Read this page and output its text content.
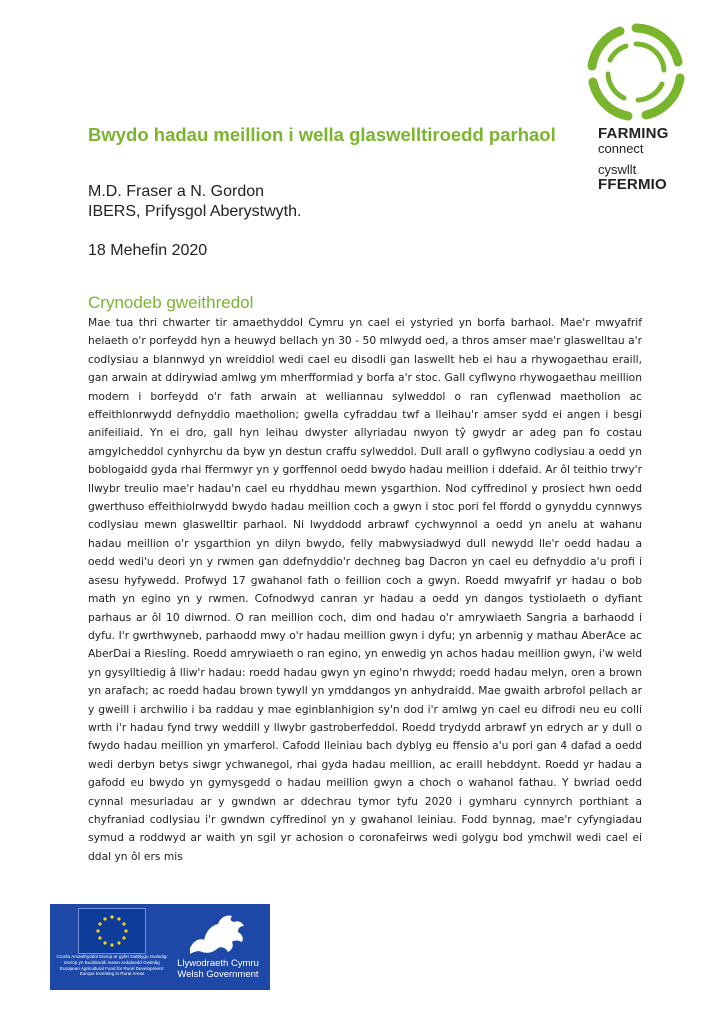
FARMING
connect
cyswllt
FFERMIO
Bwydo hadau meillion i wella glaswelltiroedd parhaol
M.D. Fraser a N. Gordon
IBERS, Prifysgol Aberystwyth.
18 Mehefin 2020
Crynodeb gweithredol

Mae tua thri chwarter tir amaethyddol Cymru yn cael ei ystyried yn borfa barhaol. Mae'r mwyafrif helaeth o'r porfeydd hyn a heuwyd bellach yn 30 - 50 mlwydd oed, a thros amser mae'r glaswelltau a'r codlysiau a blannwyd yn wreiddiol wedi cael eu disodli gan laswellt heb ei hau a rhywogaethau eraill, gan arwain at ddirywiad amlwg ym mherfformiad y borfa a'r stoc. Gall cyflwyno rhywogaethau meillion modern i borfeydd o'r fath arwain at welliannau sylweddol o ran cyflenwad maetholion ac effeithlonrwydd defnyddio maetholion; gwella cyfraddau twf a lleihau'r amser sydd ei angen i besgi anifeiliaid. Yn ei dro, gall hyn leihau dwyster allyriadau nwyon tŷ gwydr ar adeg pan fo costau amgylcheddol cynhyrchu da byw yn destun craffu sylweddol. Dull arall o gyflwyno codlysiau a oedd yn boblogaidd gyda rhai ffermwyr yn y gorffennol oedd bwydo hadau meillion i ddefaid. Ar ôl teithio trwy'r llwybr treulio mae'r hadau'n cael eu rhyddhau mewn ysgarthion. Nod cyffredinol y prosiect hwn oedd gwerthuso effeithiolrwydd bwydo hadau meillion coch a gwyn i stoc pori fel ffordd o gynyddu cynnwys codlysiau mewn glaswelltir parhaol. Ni lwyddodd arbrawf cychwynnol a oedd yn anelu at wahanu hadau meillion o'r ysgarthion yn dilyn bwydo, felly mabwysiadwyd dull newydd lle'r oedd hadau a oedd wedi'u deori yn y rwmen gan ddefnyddio'r dechneg bag Dacron yn cael eu defnyddio a'u profi i asesu hyfywedd. Profwyd 17 gwahanol fath o feillion coch a gwyn. Roedd mwyafrif yr hadau o bob math yn egino yn y rwmen. Cofnodwyd canran yr hadau a oedd yn dangos tystiolaeth o dyfiant parhaus ar ôl 10 diwrnod. O ran meillion coch, dim ond hadau o'r amrywiaeth Sangria a barhaodd i dyfu. I'r gwrthwyneb, parhaodd mwy o'r hadau meillion gwyn i dyfu; yn arbennig y mathau AberAce ac AberDai a Riesling. Roedd amrywiaeth o ran egino, yn enwedig yn achos hadau meillion gwyn, i'w weld yn gysylltiedig â lliw'r hadau: roedd hadau gwyn yn egino'n rhwydd; roedd hadau melyn, oren a brown yn arafach; ac roedd hadau brown tywyll yn ymddangos yn anhydraidd. Mae gwaith arbrofol pellach ar y gweill i archwilio i ba raddau y mae eginblanhigion sy'n dod i'r amlwg yn cael eu difrodi neu eu colli wrth i'r hadau fynd trwy weddill y llwybr gastroberfeddol. Roedd trydydd arbrawf yn edrych ar y dull o fwydo hadau meillion yn ymarferol. Cafodd lleiniau bach dyblyg eu ffensio a'u pori gan 4 dafad a oedd wedi derbyn betys siwgr ychwanegol, rhai gyda hadau meillion, ac eraill hebddynt. Roedd yr hadau a gafodd eu bwydo yn gymysgedd o hadau meillion gwyn a choch o wahanol fathau. Y bwriad oedd cynnal mesuriadau ar y gwndwn ar ddechrau tymor tyfu 2020 i gymharu cynnyrch porthiant a chyfraniad codlysiau i'r gwndwn cyffredinol yn y gwahanol leiniau. Fodd bynnag, mae'r cyfyngiadau symud a roddwyd ar waith yn sgil yr achosion o coronafeirws wedi golygu bod ymchwil wedi cael ei ddal yn ôl ers mis

Cronfa Amaethyddol Ewrop ar gyfer Datblygu Gwledig: Ewrop yn Buddsoddi mewn Ardaloedd Gwledig European Agricultural Fund for Rural Development: Europe Investing in Rural Areas
Llywodraeth Cymru
Welsh Government
